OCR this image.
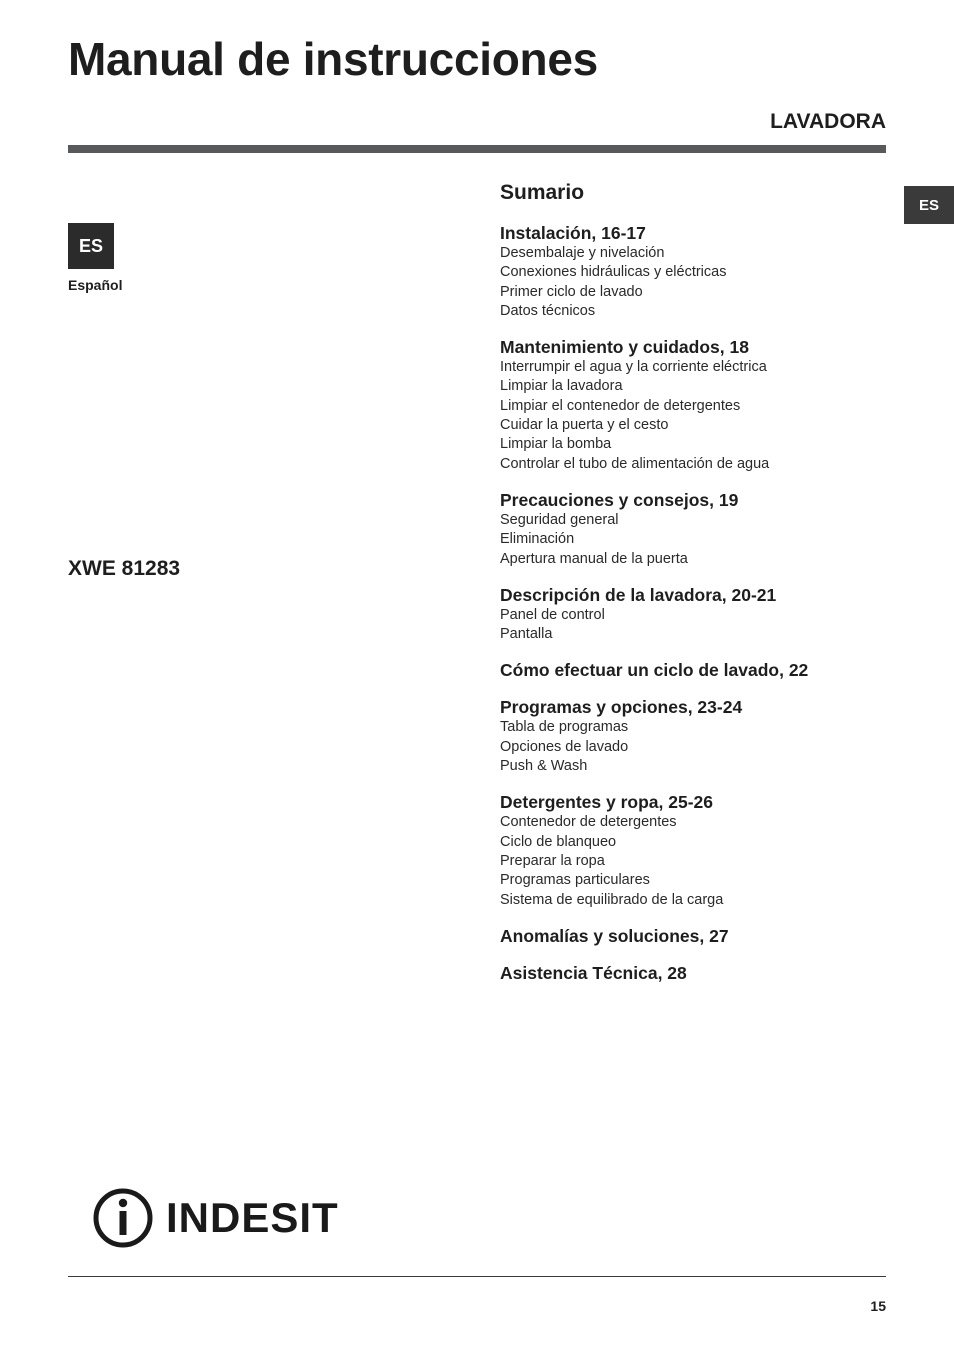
Manual de instrucciones
LAVADORA
ES
Español
ES
XWE 81283
Sumario
Instalación, 16-17
Desembalaje y nivelación
Conexiones hidráulicas y eléctricas
Primer ciclo de lavado
Datos técnicos
Mantenimiento y cuidados, 18
Interrumpir el agua y la corriente eléctrica
Limpiar la lavadora
Limpiar el contenedor de detergentes
Cuidar la puerta y el cesto
Limpiar la bomba
Controlar el tubo de alimentación de agua
Precauciones y consejos, 19
Seguridad general
Eliminación
Apertura manual de la puerta
Descripción de la lavadora, 20-21
Panel de control
Pantalla
Cómo efectuar un ciclo de lavado, 22
Programas y opciones, 23-24
Tabla de programas
Opciones de lavado
Push & Wash
Detergentes y ropa, 25-26
Contenedor de detergentes
Ciclo de blanqueo
Preparar la ropa
Programas particulares
Sistema de equilibrado de la carga
Anomalías y soluciones, 27
Asistencia Técnica, 28
INDESIT
15
